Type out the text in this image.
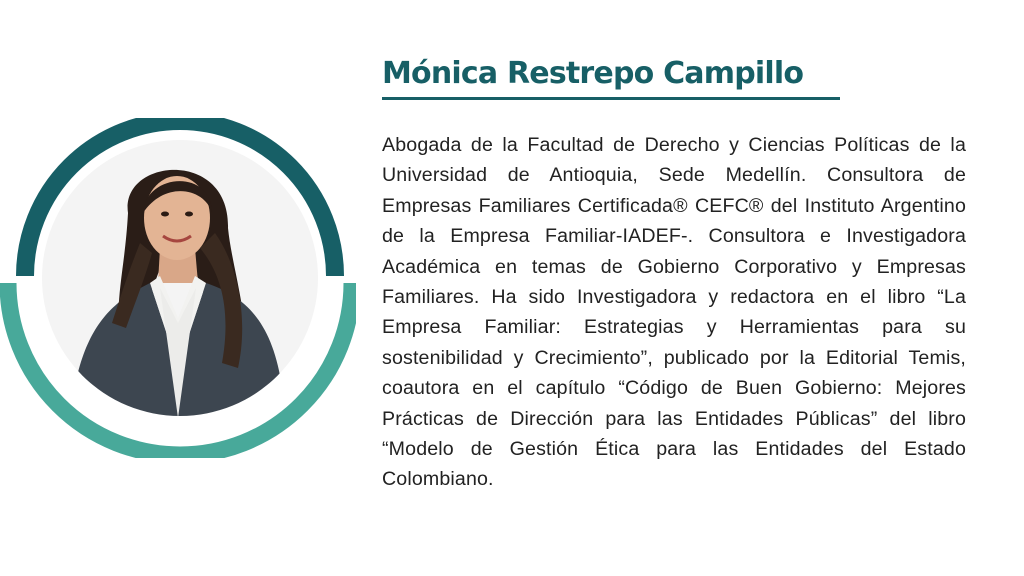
Mónica Restrepo Campillo

Abogada de la Facultad de Derecho y Ciencias Políticas de la Universidad de Antioquia, Sede Medellín. Consultora de Empresas Familiares Certificada® CEFC® del Instituto Argentino de la Empresa Familiar-IADEF-. Consultora e Investigadora Académica en temas de Gobierno Corporativo y Empresas Familiares. Ha sido Investigadora y redactora en el libro “La Empresa Familiar: Estrategias y Herramientas para su sostenibilidad y Crecimiento”, publicado por la Editorial Temis, coautora en el capítulo “Código de Buen Gobierno: Mejores Prácticas de Dirección para las Entidades Públicas” del libro “Modelo de Gestión Ética para las Entidades del Estado Colombiano.
